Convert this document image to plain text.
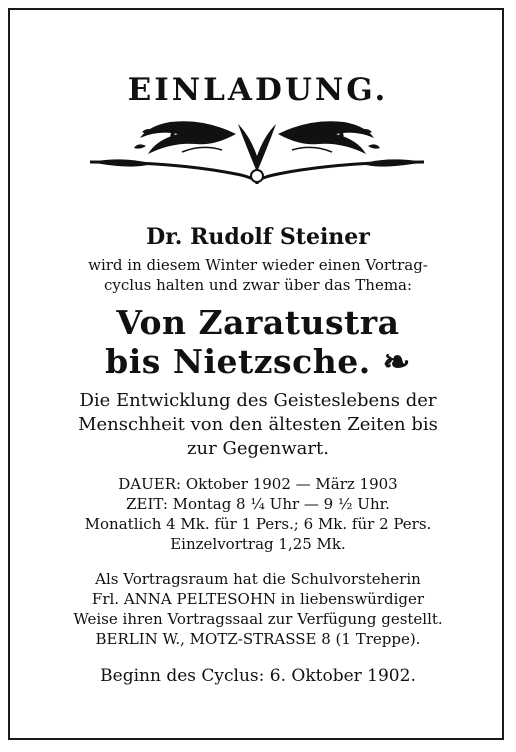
EINLADUNG.
Dr. Rudolf Steiner
wird in diesem Winter wieder einen Vortrag-
cyclus halten und zwar über das Thema:
Von Zaratustra
bis Nietzsche. ❧
Die Entwicklung des Geisteslebens der
Menschheit von den ältesten Zeiten bis
zur Gegenwart.
DAUER: Oktober 1902 — März 1903
ZEIT: Montag 8 ¼ Uhr — 9 ½ Uhr.
Monatlich 4 Mk. für 1 Pers.; 6 Mk. für 2 Pers.
Einzelvortrag 1,25 Mk.
Als Vortragsraum hat die Schulvorsteherin
Frl. ANNA PELTESOHN in liebenswürdiger
Weise ihren Vortragssaal zur Verfügung gestellt.
BERLIN W., MOTZ-STRASSE 8 (1 Treppe).
Beginn des Cyclus: 6. Oktober 1902.
